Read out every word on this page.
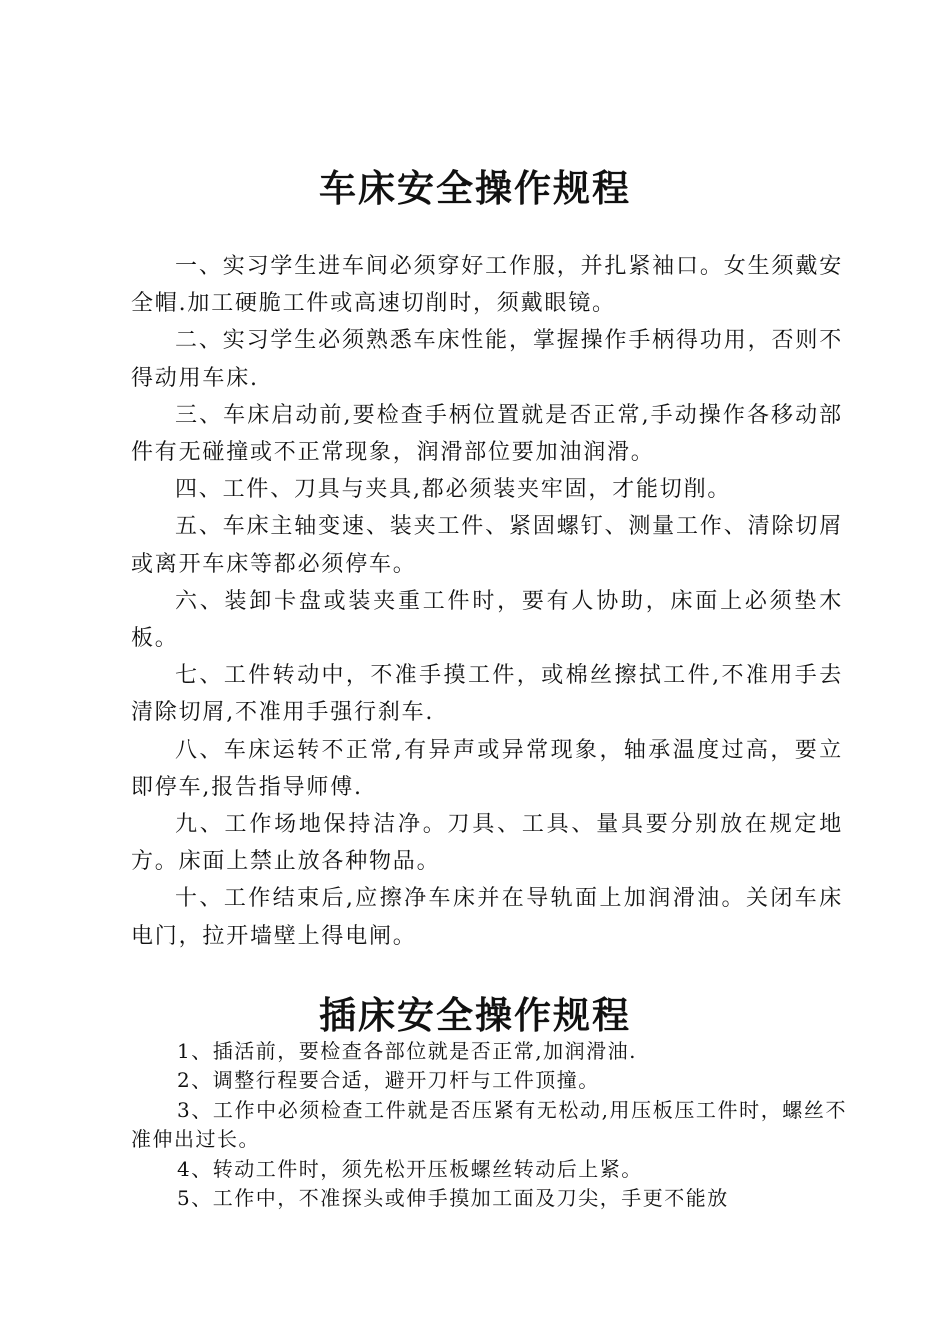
车床安全操作规程

一、实习学生进车间必须穿好工作服，并扎紧袖口。女生须戴安全帽.加工硬脆工件或高速切削时，须戴眼镜。

二、实习学生必须熟悉车床性能，掌握操作手柄得功用，否则不得动用车床.

三、车床启动前,要检查手柄位置就是否正常,手动操作各移动部件有无碰撞或不正常现象，润滑部位要加油润滑。

四、工件、刀具与夹具,都必须装夹牢固，才能切削。

五、车床主轴变速、装夹工件、紧固螺钉、测量工作、清除切屑或离开车床等都必须停车。

六、装卸卡盘或装夹重工件时，要有人协助，床面上必须垫木板。

七、工件转动中，不准手摸工件，或棉丝擦拭工件,不准用手去清除切屑,不准用手强行刹车.

八、车床运转不正常,有异声或异常现象，轴承温度过高，要立即停车,报告指导师傅.

九、工作场地保持洁净。刀具、工具、量具要分别放在规定地方。床面上禁止放各种物品。

十、工作结束后,应擦净车床并在导轨面上加润滑油。关闭车床电门，拉开墙壁上得电闸。

插床安全操作规程

1、插活前，要检查各部位就是否正常,加润滑油.

2、调整行程要合适，避开刀杆与工件顶撞。

3、工作中必须检查工件就是否压紧有无松动,用压板压工件时，螺丝不准伸出过长。

4、转动工件时，须先松开压板螺丝转动后上紧。

5、工作中，不准探头或伸手摸加工面及刀尖，手更不能放
